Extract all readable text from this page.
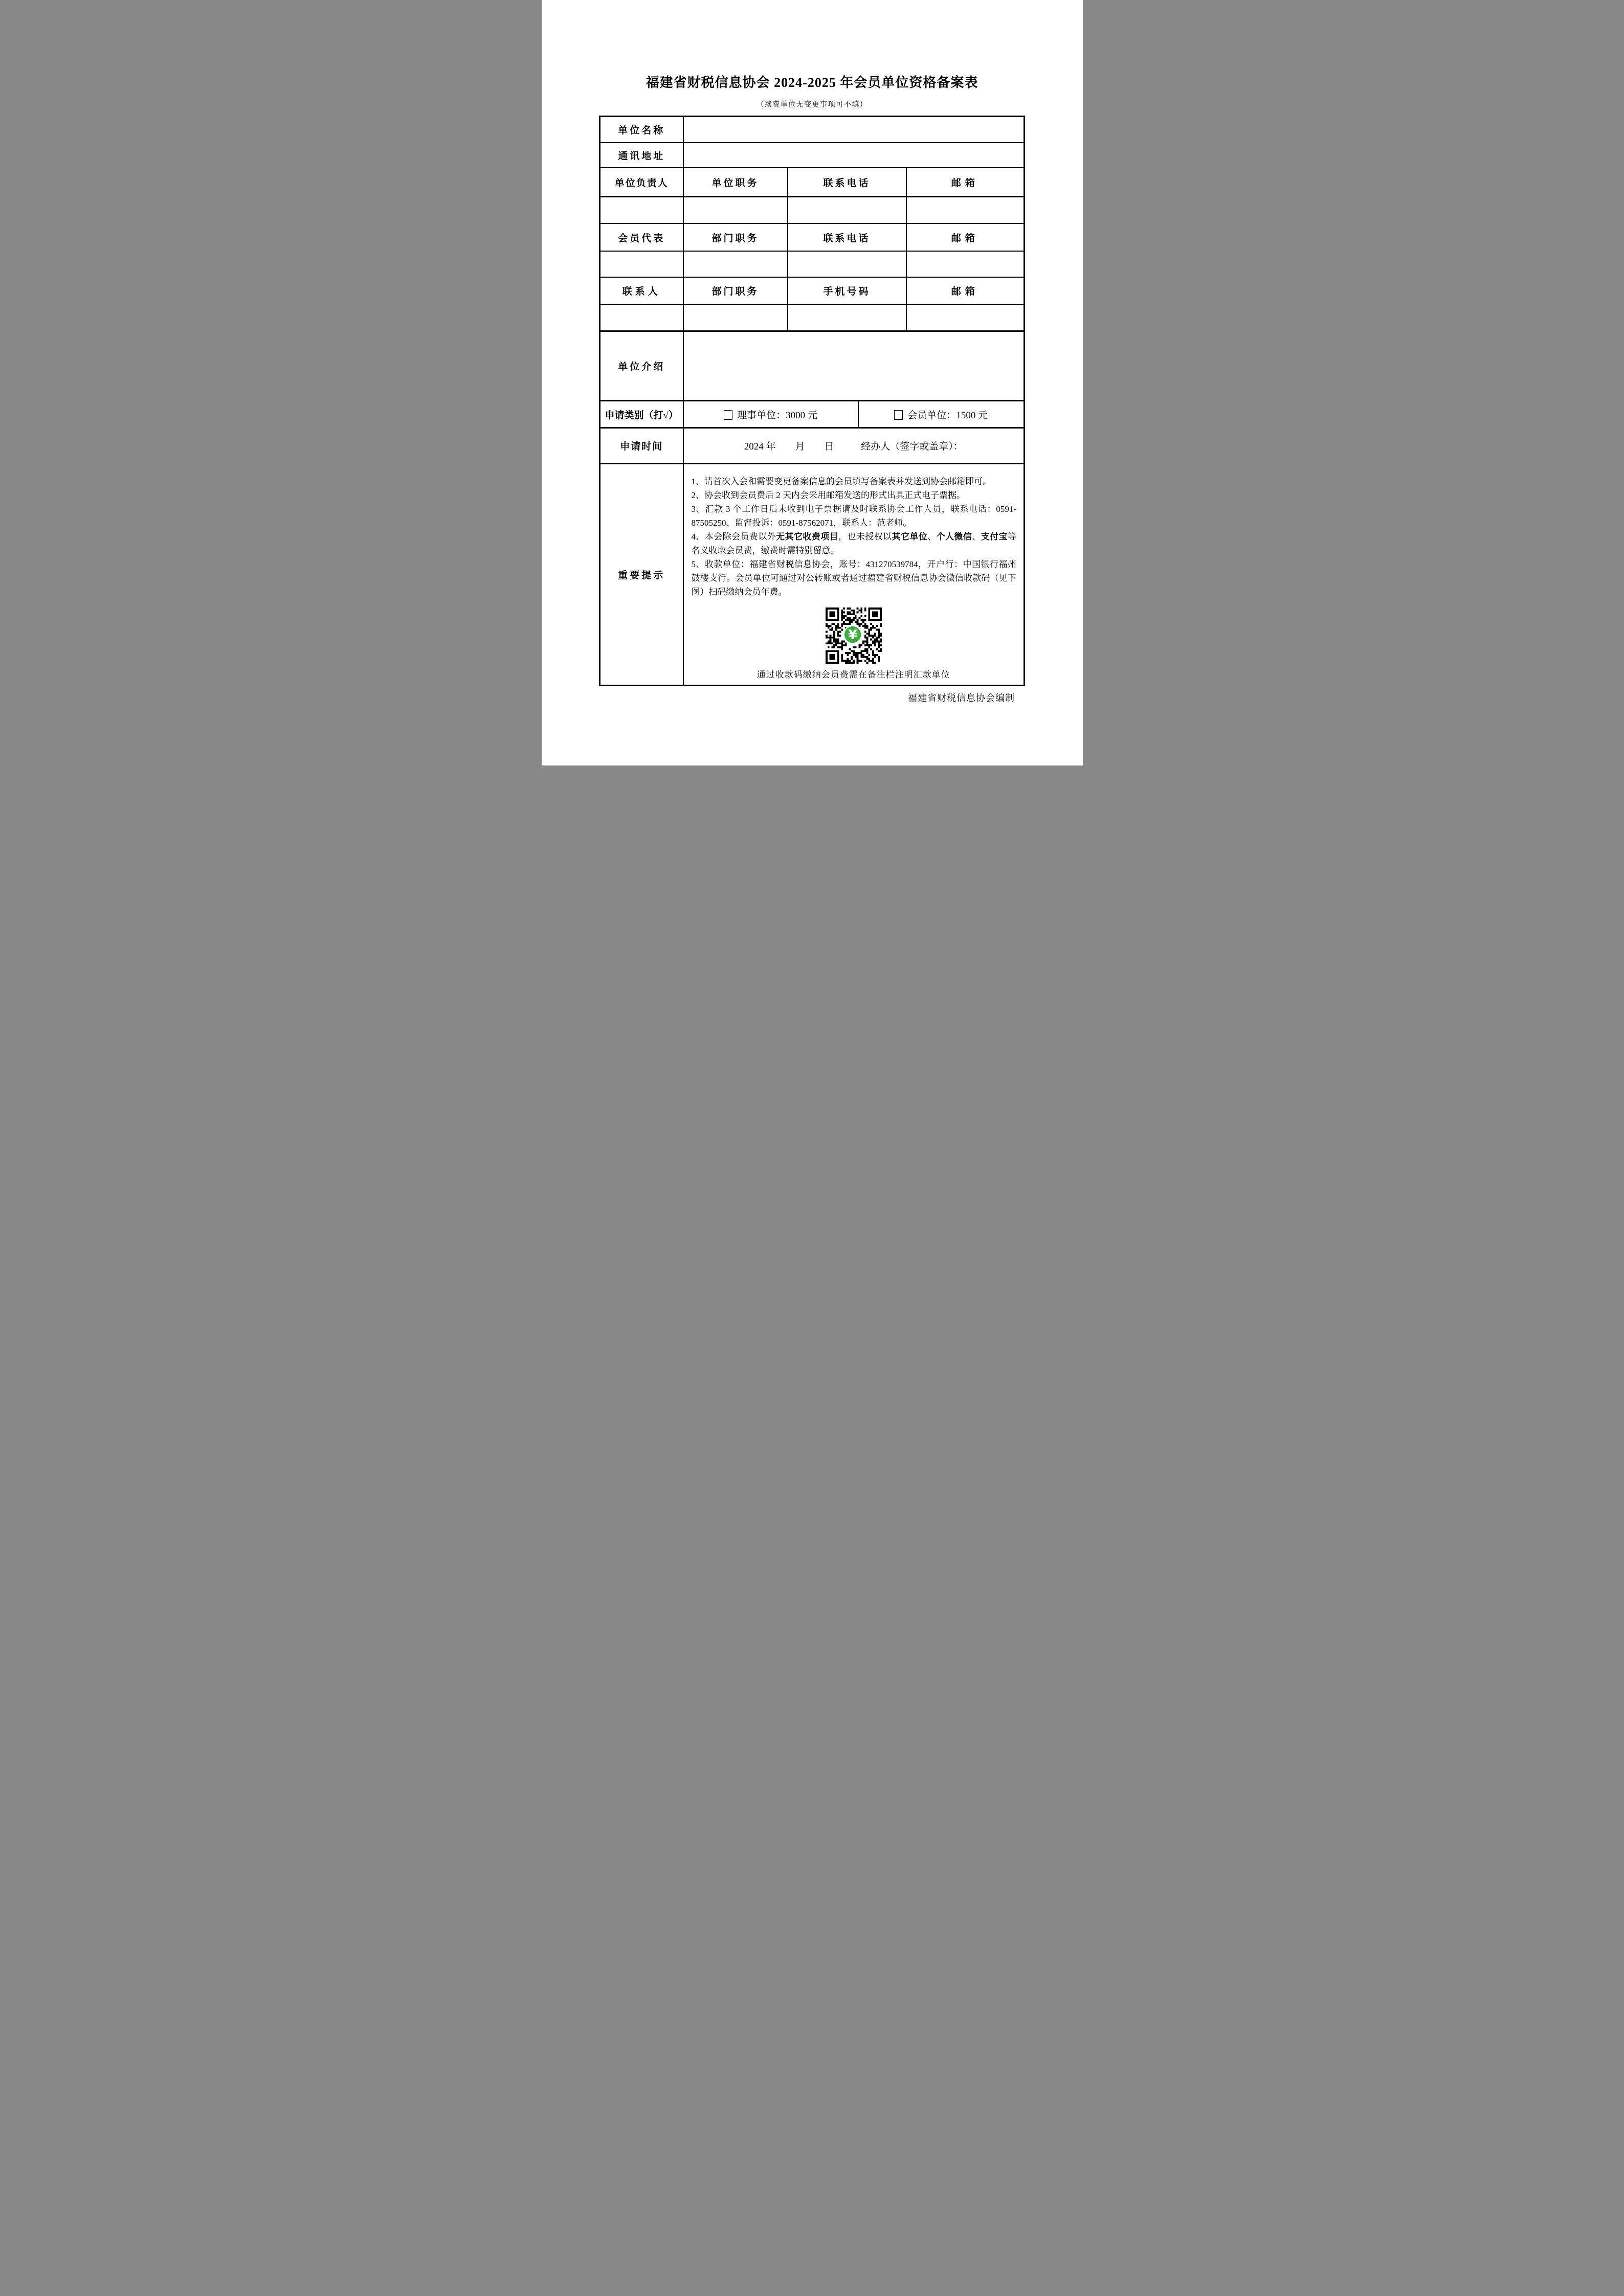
福建省财税信息协会 2024-2025 年会员单位资格备案表
（续费单位无变更事项可不填）
单位名称				
通讯地址				
单位负责人	单位职务	联系电话		邮箱

会员代表	部门职务	联系电话		邮箱

联系人	部门职务	手机号码		邮箱

单位介绍				
申请类别（打√）	理事单位：3000 元		会员单位：1500 元	
申请时间	2024 年　　月　　日 经办人（签字或盖章）：			
重要提示	

1、请首次入会和需要变更备案信息的会员填写备案表并发送到协会邮箱即可。

2、协会收到会员费后 2 天内会采用邮箱发送的形式出具正式电子票据。

3、汇款 3 个工作日后未收到电子票据请及时联系协会工作人员，联系电话：0591-87505250、监督投诉：0591-87562071，联系人：范老师。

4、本会除会员费以外无其它收费项目，也未授权以其它单位、个人微信、支付宝等名义收取会员费，缴费时需特别留意。

5、收款单位：福建省财税信息协会，账号：431270539784，开户行：中国银行福州鼓楼支行。会员单位可通过对公转账或者通过福建省财税信息协会微信收款码（见下图）扫码缴纳会员年费。

¥
通过收款码缴纳会员费需在备注栏注明汇款单位
福建省财税信息协会编制
